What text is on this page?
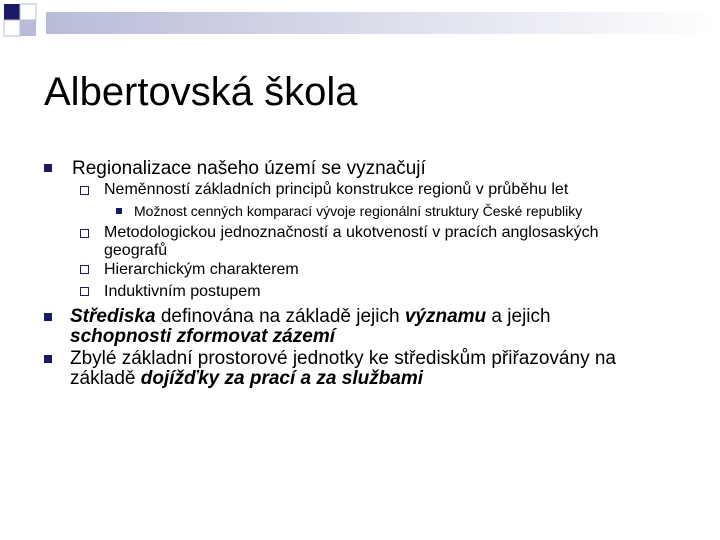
Albertovská škola
Regionalizace našeho území se vyznačují
Neměnností základních principů konstrukce regionů v průběhu let
Možnost cenných komparací vývoje regionální struktury České republiky
Metodologickou jednoznačností a ukotveností v pracích anglosaských
geografů
Hierarchickým charakterem
Induktivním postupem
Střediska definována na základě jejich významu a jejich
schopnosti zformovat zázemí
Zbylé základní prostorové jednotky ke střediskům přiřazovány na
základě dojížďky za prací a za službami
